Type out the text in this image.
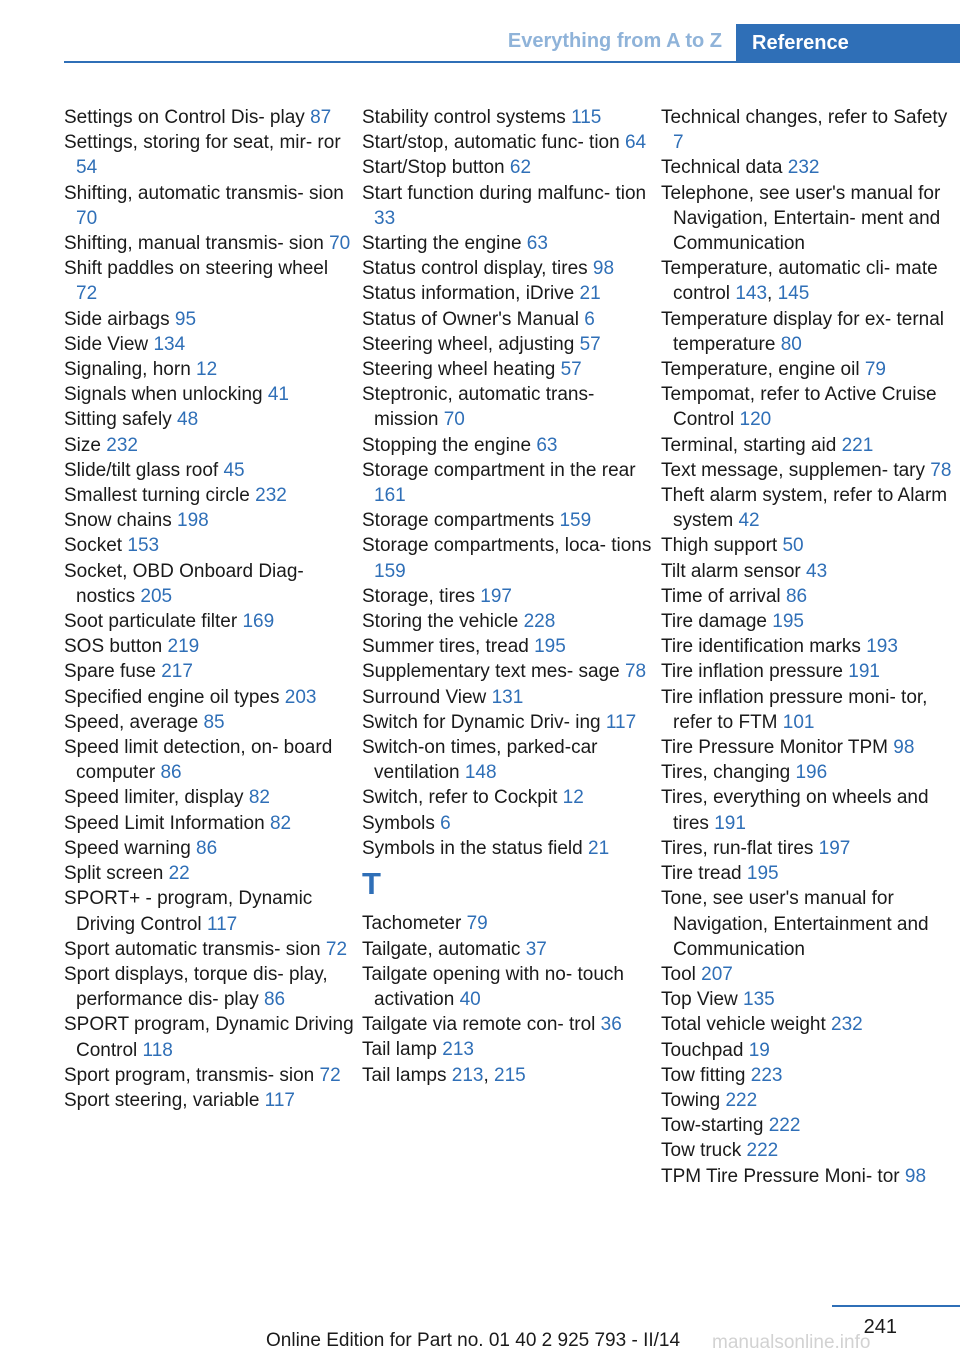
Everything from A to Z	Reference
Settings on Control Dis‐ play 87
Settings, storing for seat, mir‐ ror 54
Shifting, automatic transmis‐ sion 70
Shifting, manual transmis‐ sion 70
Shift paddles on steering wheel 72
Side airbags 95
Side View 134
Signaling, horn 12
Signals when unlocking 41
Sitting safely 48
Size 232
Slide/tilt glass roof 45
Smallest turning circle 232
Snow chains 198
Socket 153
Socket, OBD Onboard Diag‐ nostics 205
Soot particulate filter 169
SOS button 219
Spare fuse 217
Specified engine oil types 203
Speed, average 85
Speed limit detection, on‐ board computer 86
Speed limiter, display 82
Speed Limit Information 82
Speed warning 86
Split screen 22
SPORT+ - program, Dynamic Driving Control 117
Sport automatic transmis‐ sion 72
Sport displays, torque dis‐ play, performance dis‐ play 86
SPORT program, Dynamic Driving Control 118
Sport program, transmis‐ sion 72
Sport steering, variable 117
Stability control systems 115
Start/stop, automatic func‐ tion 64
Start/Stop button 62
Start function during malfunc‐ tion 33
Starting the engine 63
Status control display, tires 98
Status information, iDrive 21
Status of Owner's Manual 6
Steering wheel, adjusting 57
Steering wheel heating 57
Steptronic, automatic trans‐ mission 70
Stopping the engine 63
Storage compartment in the rear 161
Storage compartments 159
Storage compartments, loca‐ tions 159
Storage, tires 197
Storing the vehicle 228
Summer tires, tread 195
Supplementary text mes‐ sage 78
Surround View 131
Switch for Dynamic Driv‐ ing 117
Switch-on times, parked-car ventilation 148
Switch, refer to Cockpit 12
Symbols 6
Symbols in the status field 21
T
Tachometer 79
Tailgate, automatic 37
Tailgate opening with no- touch activation 40
Tailgate via remote con‐ trol 36
Tail lamp 213
Tail lamps 213, 215
Technical changes, refer to Safety 7
Technical data 232
Telephone, see user's manual for Navigation, Entertain‐ ment and Communication
Temperature, automatic cli‐ mate control 143, 145
Temperature display for ex‐ ternal temperature 80
Temperature, engine oil 79
Tempomat, refer to Active Cruise Control 120
Terminal, starting aid 221
Text message, supplemen‐ tary 78
Theft alarm system, refer to Alarm system 42
Thigh support 50
Tilt alarm sensor 43
Time of arrival 86
Tire damage 195
Tire identification marks 193
Tire inflation pressure 191
Tire inflation pressure moni‐ tor, refer to FTM 101
Tire Pressure Monitor TPM 98
Tires, changing 196
Tires, everything on wheels and tires 191
Tires, run-flat tires 197
Tire tread 195
Tone, see user's manual for Navigation, Entertainment and Communication
Tool 207
Top View 135
Total vehicle weight 232
Touchpad 19
Tow fitting 223
Towing 222
Tow-starting 222
Tow truck 222
TPM Tire Pressure Moni‐ tor 98
241
Online Edition for Part no. 01 40 2 925 793 - II/14 manualsonline.info
